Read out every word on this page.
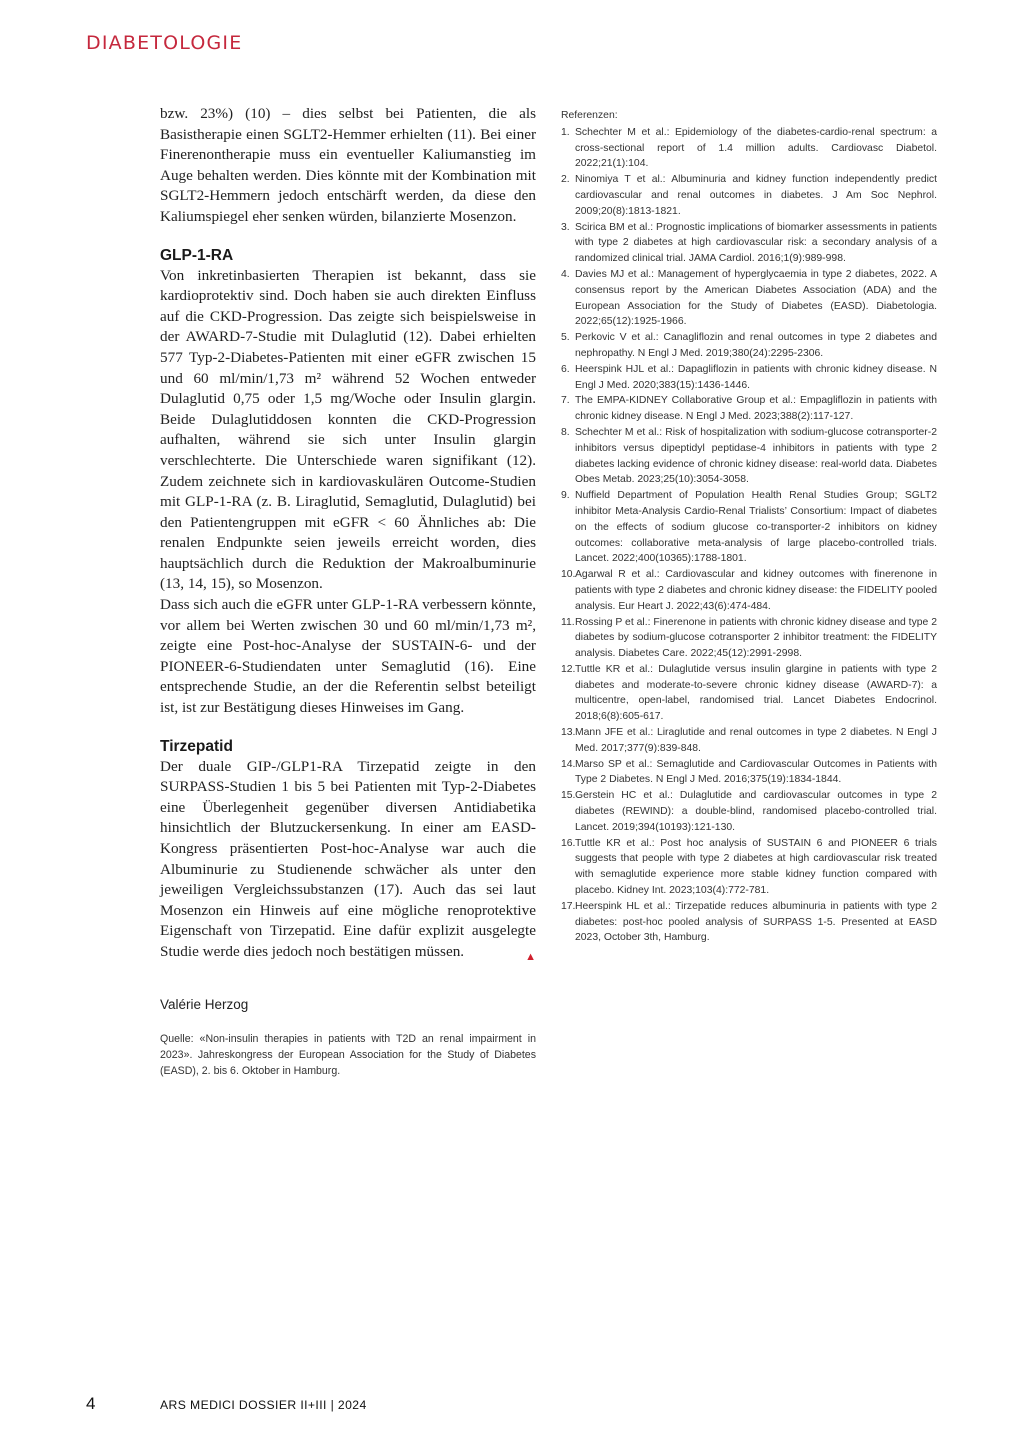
DIABETOLOGIE

bzw. 23%) (10) – dies selbst bei Patienten, die als Basistherapie einen SGLT2-Hemmer erhielten (11). Bei einer Finerenontherapie muss ein eventueller Kaliumanstieg im Auge behalten werden. Dies könnte mit der Kombination mit SGLT2-Hemmern jedoch entschärft werden, da diese den Kaliumspiegel eher senken würden, bilanzierte Mosenzon.

GLP-1-RA

Von inkretinbasierten Therapien ist bekannt, dass sie kardioprotektiv sind. Doch haben sie auch direkten Einfluss auf die CKD-Progression. Das zeigte sich beispielsweise in der AWARD-7-Studie mit Dulaglutid (12). Dabei erhielten 577 Typ-2-Diabetes-Patienten mit einer eGFR zwischen 15 und 60 ml/min/1,73 m² während 52 Wochen entweder Dulaglutid 0,75 oder 1,5 mg/Woche oder Insulin glargin. Beide Dulaglutiddosen konnten die CKD-Progression aufhalten, während sie sich unter Insulin glargin verschlechterte. Die Unterschiede waren signifikant (12). Zudem zeichnete sich in kardiovaskulären Outcome-Studien mit GLP-1-RA (z. B. Liraglutid, Semaglutid, Dulaglutid) bei den Patientengruppen mit eGFR < 60 Ähnliches ab: Die renalen Endpunkte seien jeweils erreicht worden, dies hauptsächlich durch die Reduktion der Makroalbuminurie (13, 14, 15), so Mosenzon.

Dass sich auch die eGFR unter GLP-1-RA verbessern könnte, vor allem bei Werten zwischen 30 und 60 ml/min/1,73 m², zeigte eine Post-hoc-Analyse der SUSTAIN-6- und der PIONEER-6-Studiendaten unter Semaglutid (16). Eine entsprechende Studie, an der die Referentin selbst beteiligt ist, ist zur Bestätigung dieses Hinweises im Gang.

Tirzepatid

Der duale GIP-/GLP1-RA Tirzepatid zeigte in den SURPASS-Studien 1 bis 5 bei Patienten mit Typ-2-Diabetes eine Überlegenheit gegenüber diversen Antidiabetika hinsichtlich der Blutzuckersenkung. In einer am EASD-Kongress präsentierten Post-hoc-Analyse war auch die Albuminurie zu Studienende schwächer als unter den jeweiligen Vergleichssubstanzen (17). Auch das sei laut Mosenzon ein Hinweis auf eine mögliche renoprotektive Eigenschaft von Tirzepatid. Eine dafür explizit ausgelegte Studie werde dies jedoch noch bestätigen müssen.	▲

Valérie Herzog
Quelle: «Non-insulin therapies in patients with T2D an renal impairment in 2023». Jahreskongress der European Association for the Study of Diabetes (EASD), 2. bis 6. Oktober in Hamburg.
Referenzen:
1. Schechter M et al.: Epidemiology of the diabetes-cardio-renal spectrum: a cross-sectional report of 1.4 million adults. Cardiovasc Diabetol. 2022;21(1):104.
2. Ninomiya T et al.: Albuminuria and kidney function independently predict cardiovascular and renal outcomes in diabetes. J Am Soc Nephrol. 2009;20(8):1813-1821.
3. Scirica BM et al.: Prognostic implications of biomarker assessments in patients with type 2 diabetes at high cardiovascular risk: a secondary analysis of a randomized clinical trial. JAMA Cardiol. 2016;1(9):989-998.
4. Davies MJ et al.: Management of hyperglycaemia in type 2 diabetes, 2022. A consensus report by the American Diabetes Association (ADA) and the European Association for the Study of Diabetes (EASD). Diabetologia. 2022;65(12):1925-1966.
5. Perkovic V et al.: Canagliflozin and renal outcomes in type 2 diabetes and nephropathy. N Engl J Med. 2019;380(24):2295-2306.
6. Heerspink HJL et al.: Dapagliflozin in patients with chronic kidney disease. N Engl J Med. 2020;383(15):1436-1446.
7. The EMPA-KIDNEY Collaborative Group et al.: Empagliflozin in patients with chronic kidney disease. N Engl J Med. 2023;388(2):117-127.
8. Schechter M et al.: Risk of hospitalization with sodium-glucose cotransporter-2 inhibitors versus dipeptidyl peptidase-4 inhibitors in patients with type 2 diabetes lacking evidence of chronic kidney disease: real-world data. Diabetes Obes Metab. 2023;25(10):3054-3058.
9. Nuffield Department of Population Health Renal Studies Group; SGLT2 inhibitor Meta-Analysis Cardio-Renal Trialists’ Consortium: Impact of diabetes on the effects of sodium glucose co-transporter-2 inhibitors on kidney outcomes: collaborative meta-analysis of large placebo-controlled trials. Lancet. 2022;400(10365):1788-1801.
10. Agarwal R et al.: Cardiovascular and kidney outcomes with finerenone in patients with type 2 diabetes and chronic kidney disease: the FIDELITY pooled analysis. Eur Heart J. 2022;43(6):474-484.
11. Rossing P et al.: Finerenone in patients with chronic kidney disease and type 2 diabetes by sodium-glucose cotransporter 2 inhibitor treatment: the FIDELITY analysis. Diabetes Care. 2022;45(12):2991-2998.
12. Tuttle KR et al.: Dulaglutide versus insulin glargine in patients with type 2 diabetes and moderate-to-severe chronic kidney disease (AWARD-7): a multicentre, open-label, randomised trial. Lancet Diabetes Endocrinol. 2018;6(8):605-617.
13. Mann JFE et al.: Liraglutide and renal outcomes in type 2 diabetes. N Engl J Med. 2017;377(9):839-848.
14. Marso SP et al.: Semaglutide and Cardiovascular Outcomes in Patients with Type 2 Diabetes. N Engl J Med. 2016;375(19):1834-1844.
15. Gerstein HC et al.: Dulaglutide and cardiovascular outcomes in type 2 diabetes (REWIND): a double-blind, randomised placebo-controlled trial. Lancet. 2019;394(10193):121-130.
16. Tuttle KR et al.: Post hoc analysis of SUSTAIN 6 and PIONEER 6 trials suggests that people with type 2 diabetes at high cardiovascular risk treated with semaglutide experience more stable kidney function compared with placebo. Kidney Int. 2023;103(4):772-781.
17. Heerspink HL et al.: Tirzepatide reduces albuminuria in patients with type 2 diabetes: post-hoc pooled analysis of SURPASS 1-5. Presented at EASD 2023, October 3th, Hamburg.
4	ARS MEDICI DOSSIER II+III | 2024
